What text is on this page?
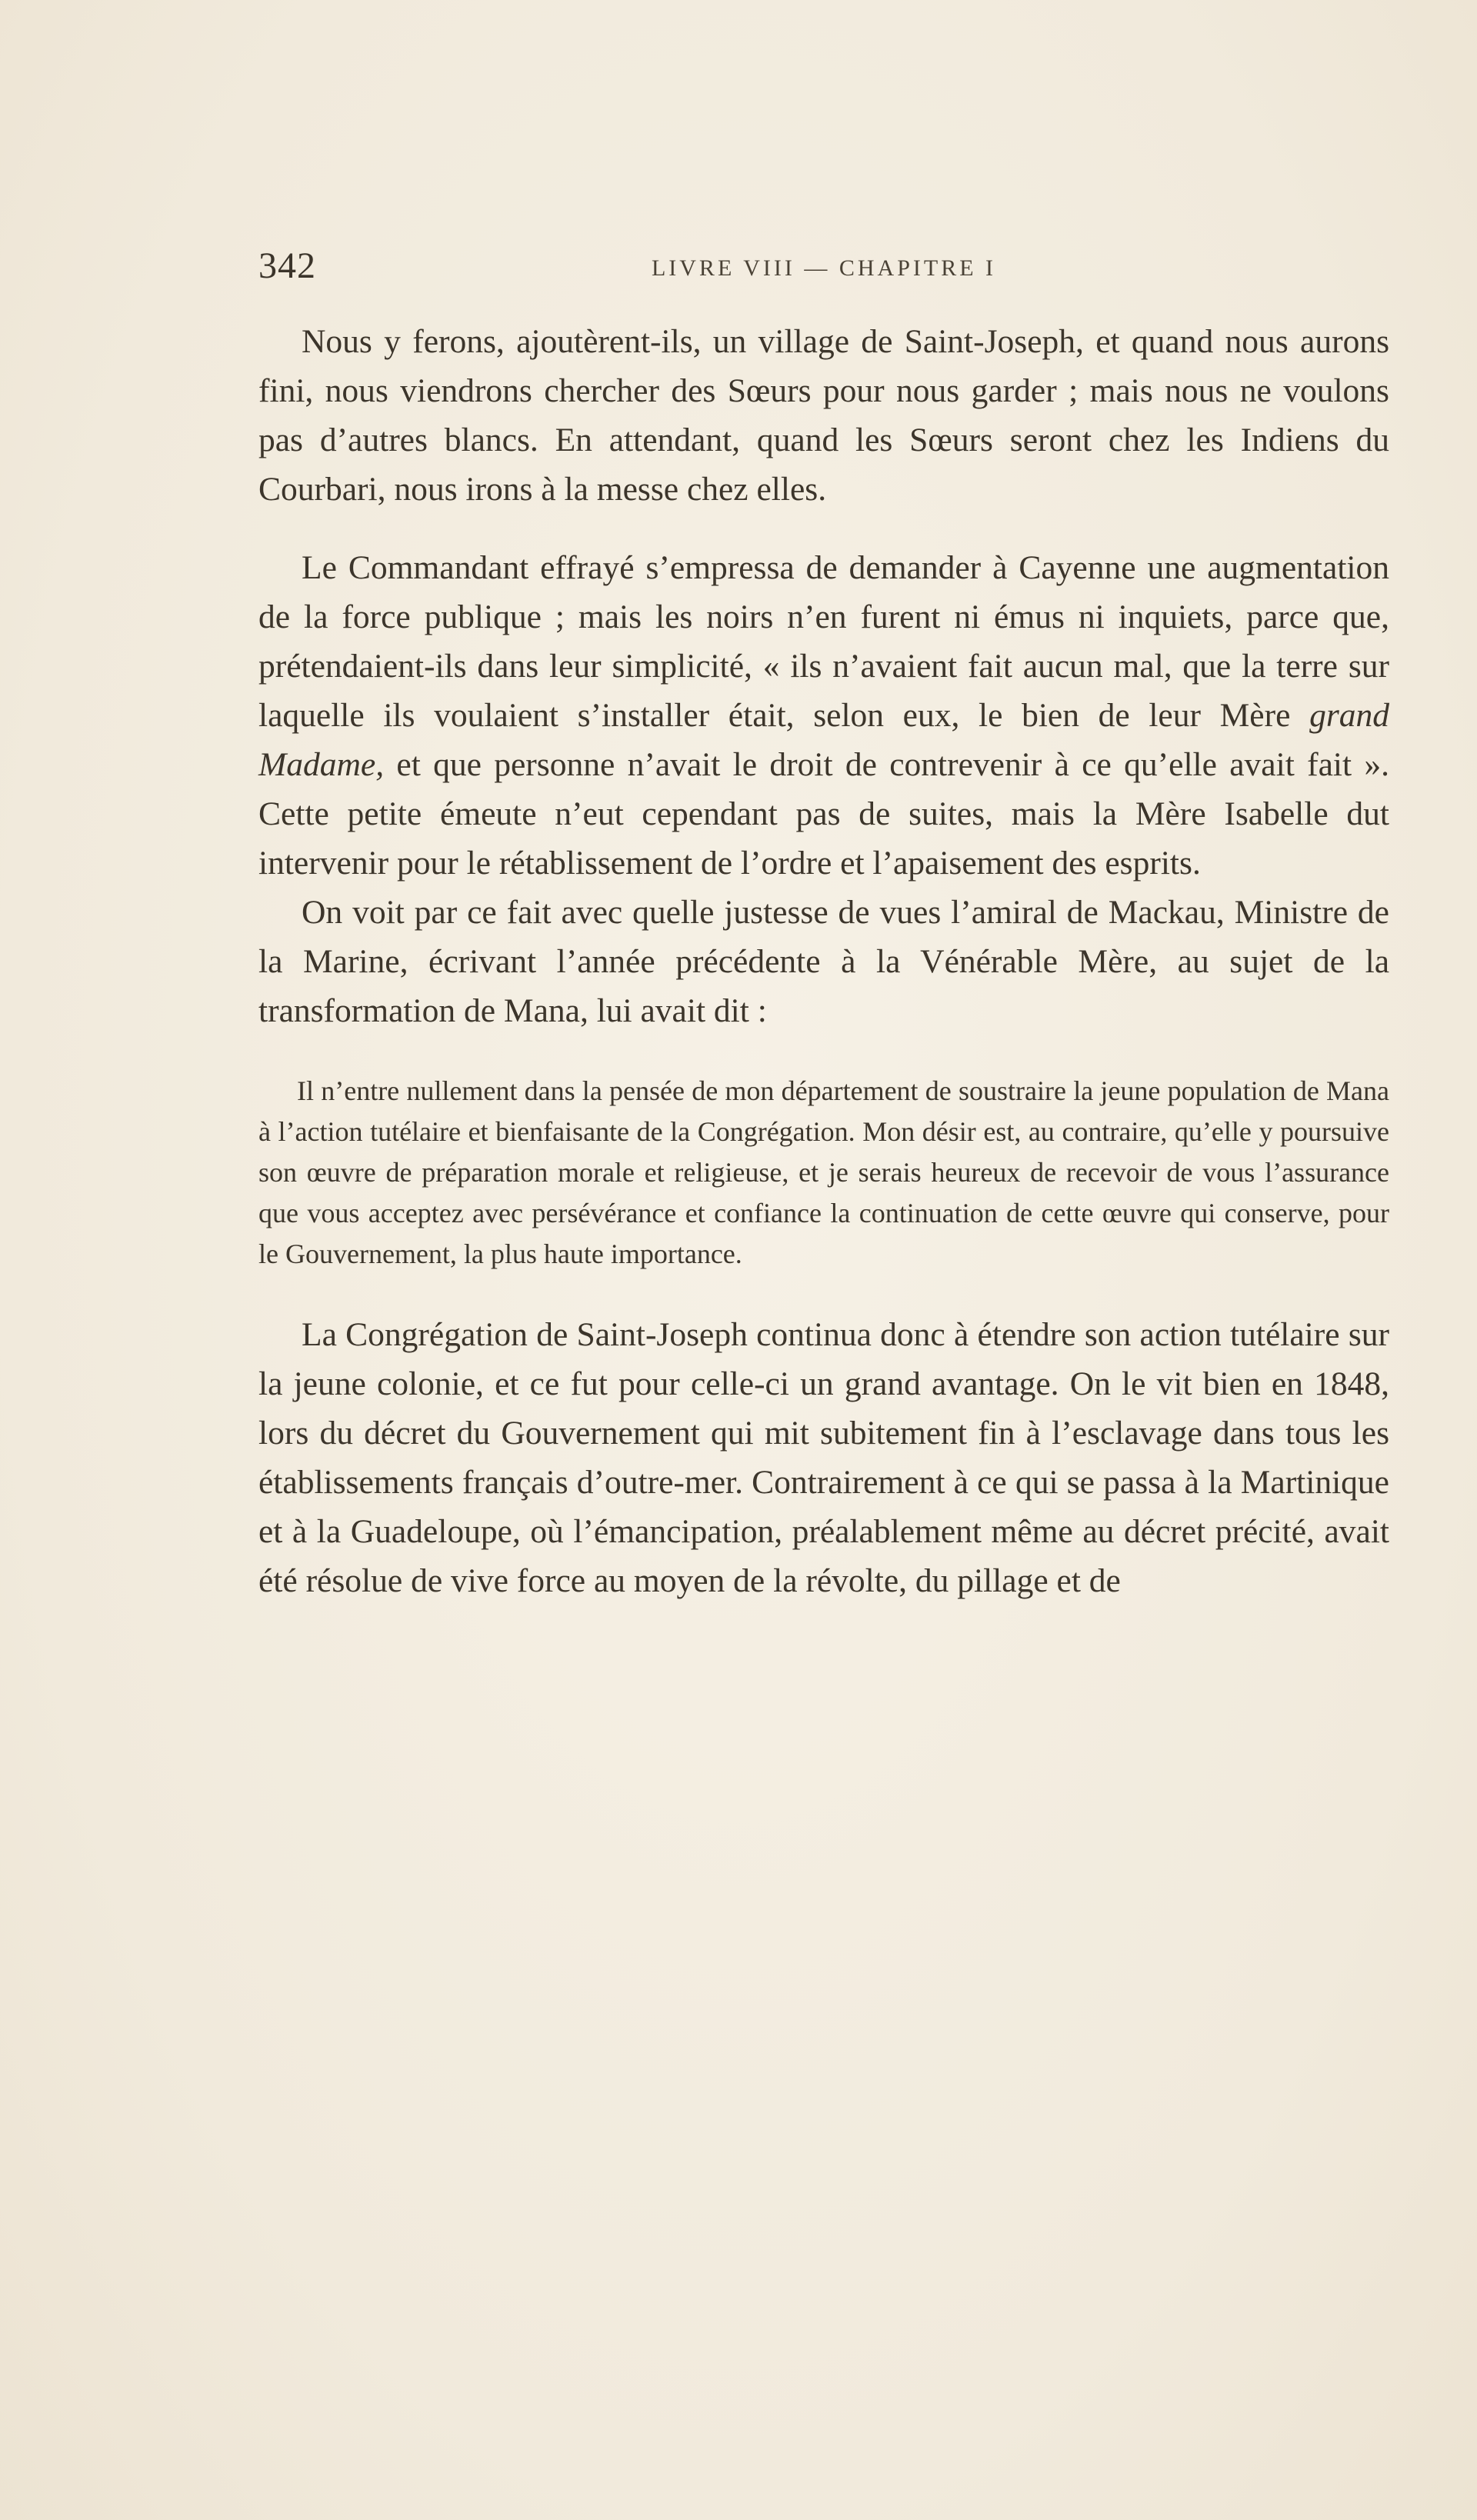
342	LIVRE VIII — CHAPITRE I

Nous y ferons, ajoutèrent-ils, un village de Saint-Joseph, et quand nous aurons fini, nous viendrons chercher des Sœurs pour nous garder ; mais nous ne voulons pas d’autres blancs. En attendant, quand les Sœurs seront chez les Indiens du Courbari, nous irons à la messe chez elles.

Le Commandant effrayé s’empressa de demander à Cayenne une augmentation de la force publique ; mais les noirs n’en furent ni émus ni inquiets, parce que, prétendaient-ils dans leur simplicité, « ils n’avaient fait aucun mal, que la terre sur laquelle ils voulaient s’installer était, selon eux, le bien de leur Mère grand Madame, et que personne n’avait le droit de contrevenir à ce qu’elle avait fait ». Cette petite émeute n’eut cependant pas de suites, mais la Mère Isabelle dut intervenir pour le rétablissement de l’ordre et l’apaisement des esprits.

On voit par ce fait avec quelle justesse de vues l’amiral de Mackau, Ministre de la Marine, écrivant l’année précédente à la Vénérable Mère, au sujet de la transformation de Mana, lui avait dit :

Il n’entre nullement dans la pensée de mon département de soustraire la jeune population de Mana à l’action tutélaire et bienfaisante de la Congrégation. Mon désir est, au contraire, qu’elle y poursuive son œuvre de préparation morale et religieuse, et je serais heureux de recevoir de vous l’assurance que vous acceptez avec persévérance et confiance la continuation de cette œuvre qui conserve, pour le Gouvernement, la plus haute importance.

La Congrégation de Saint-Joseph continua donc à étendre son action tutélaire sur la jeune colonie, et ce fut pour celle-ci un grand avantage. On le vit bien en 1848, lors du décret du Gouvernement qui mit subitement fin à l’esclavage dans tous les établissements français d’outre-mer. Contrairement à ce qui se passa à la Martinique et à la Guadeloupe, où l’émancipation, préalablement même au décret précité, avait été résolue de vive force au moyen de la révolte, du pillage et de
